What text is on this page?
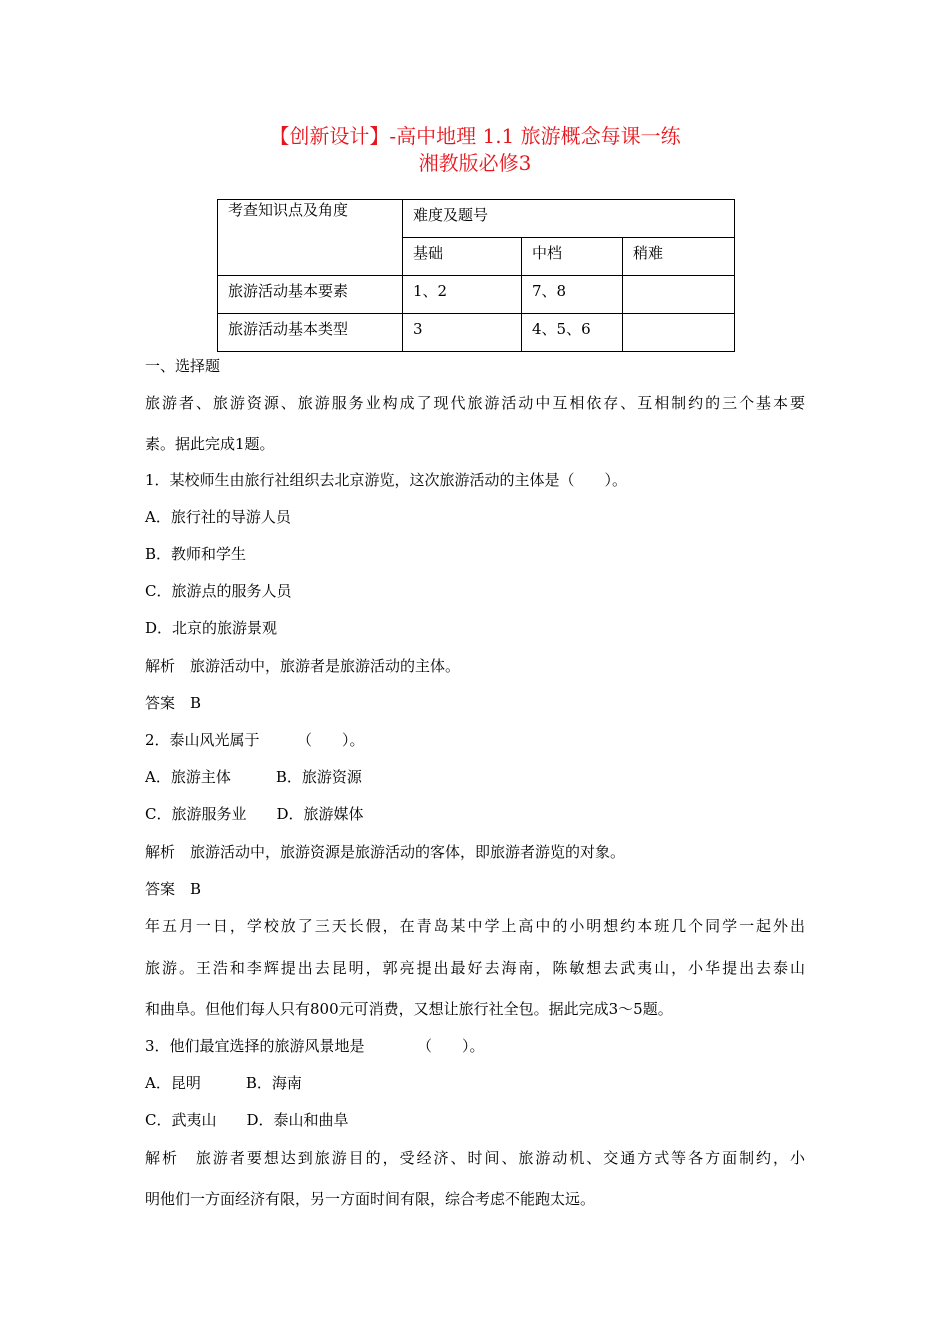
【创新设计】-高中地理 1.1 旅游概念每课一练
湘教版必修3
考查知识点及角度	难度及题号		

	基础	中档	稍难

旅游活动基本要素	1、2	7、8	

旅游活动基本类型	3	4、5、6	

一、选择题
旅游者、旅游资源、旅游服务业构成了现代旅游活动中互相依存、互相制约的三个基本要
素。据此完成1题。
1．某校师生由旅行社组织去北京游览，这次旅游活动的主体是（　　）。
A．旅行社的导游人员
B．教师和学生
C．旅游点的服务人员
D．北京的旅游景观
解析　旅游活动中，旅游者是旅游活动的主体。
答案　B
2．泰山风光属于　　　（　　）。
A．旅游主体　　　B．旅游资源
C．旅游服务业　　D．旅游媒体
解析　旅游活动中，旅游资源是旅游活动的客体，即旅游者游览的对象。
答案　B
年五月一日，学校放了三天长假，在青岛某中学上高中的小明想约本班几个同学一起外出
旅游。王浩和李辉提出去昆明，郭亮提出最好去海南，陈敏想去武夷山，小华提出去泰山
和曲阜。但他们每人只有800元可消费，又想让旅行社全包。据此完成3～5题。
3．他们最宜选择的旅游风景地是　　　　（　　）。
A．昆明　　　B．海南
C．武夷山　　D．泰山和曲阜
解析　旅游者要想达到旅游目的，受经济、时间、旅游动机、交通方式等各方面制约，小
明他们一方面经济有限，另一方面时间有限，综合考虑不能跑太远。
